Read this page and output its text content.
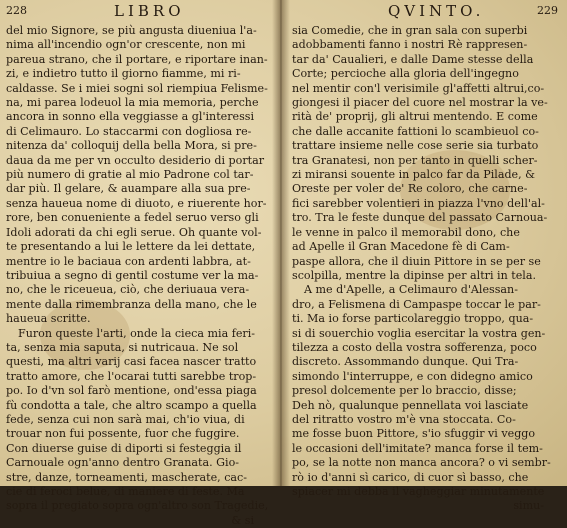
228	LIBRO
del mio Signore, se più angusta diueniua l'a-
nima all'incendio ogn'or crescente, non mi
pareua strano, che il portare, e riportare inan-
zi, e indietro tutto il giorno fiamme, mi ri-
caldasse. Se i miei sogni sol riempiua Felisme-
na, mi parea lodeuol la mia memoria, perche
ancora in sonno ella veggiasse a gl'interessi
di Celimauro. Lo staccarmi con dogliosa re-
nitenza da' colloquij della bella Mora, si pre-
daua da me per vn occulto desiderio di portar
più numero di gratie al mio Padrone col tar-
dar più. Il gelare, & auampare alla sua pre-
senza haueua nome di diuoto, e riuerente hor-
rore, ben conueniente a fedel seruo verso gli
Idoli adorati da chi egli serue. Oh quante vol-
te presentando a lui le lettere da lei dettate,
mentre io le baciaua con ardenti labbra, at-
tribuiua a segno di gentil costume ver la ma-
no, che le riceueua, ciò, che deriuaua vera-
mente dalla rimembranza della mano, che le
haueua scritte.
Furon queste l'arti, onde la cieca mia feri-
ta, senza mia saputa, si nutricaua. Ne sol
questi, ma altri varij casi facea nascer tratto
tratto amore, che l'ocarai tutti sarebbe trop-
po. Io d'vn sol farò mentione, ond'essa piaga
fù condotta a tale, che altro scampo a quella
fede, senza cui non sarà mai, ch'io viua, di
trouar non fui possente, fuor che fuggire.
Con diuerse guise di diporti si festeggia il
Carnouale ogn'anno dentro Granata. Gio-
stre, danze, torneamenti, mascherate, cac-
cie di feroci belue, di maniere di feste. Ma
sopra il pregiato sopra ogn'altro son Tragedie,
& si
QVINTO.	229
sia Comedie, che in gran sala con superbi
adobbamenti fanno i nostri Rè rappresen-
tar da' Caualieri, e dalle Dame stesse della
Corte; percioche alla gloria dell'ingegno
nel mentir con'l verisimile gl'affetti altrui,co-
giongesi il piacer del cuore nel mostrar la ve-
rità de' proprij, gli altrui mentendo. E come
che dalle accanite fattioni lo scambieuol co-
trattare insieme nelle cose serie sia turbato
tra Granatesi, non per tanto in quelli scher-
zi miransi souente in palco far da Pilade, &
Oreste per voler de' Re coloro, che carne-
fici sarebber volentieri in piazza l'vno dell'al-
tro. Tra le feste dunque del passato Carnoua-
le venne in palco il memorabil dono, che
ad Apelle il Gran Macedone fè di Cam-
paspe allora, che il diuin Pittore in se per se
scolpilla, mentre la dipinse per altri in tela.
A me d'Apelle, a Celimauro d'Alessan-
dro, a Felismena di Campaspe toccar le par-
ti. Ma io forse particolareggio troppo, qua-
si di souerchio voglia esercitar la vostra gen-
tilezza a costo della vostra sofferenza, poco
discreto. Assommando dunque. Qui Tra-
simondo l'interruppe, e con didegno amico
presol dolcemente per lo braccio, disse;
Deh nò, qualunque pennellata voi lasciate
del ritratto vostro m'è vna stoccata. Co-
me fosse buon Pittore, s'io sfuggir vi veggo
le occasioni dell'imitate? manca forse il tem-
po, se la notte non manca ancora? o vi sembr-
rò io d'anni sì carico, di cuor sì basso, che
spiacer mi debba il vagheggiar minutamente
simu-
